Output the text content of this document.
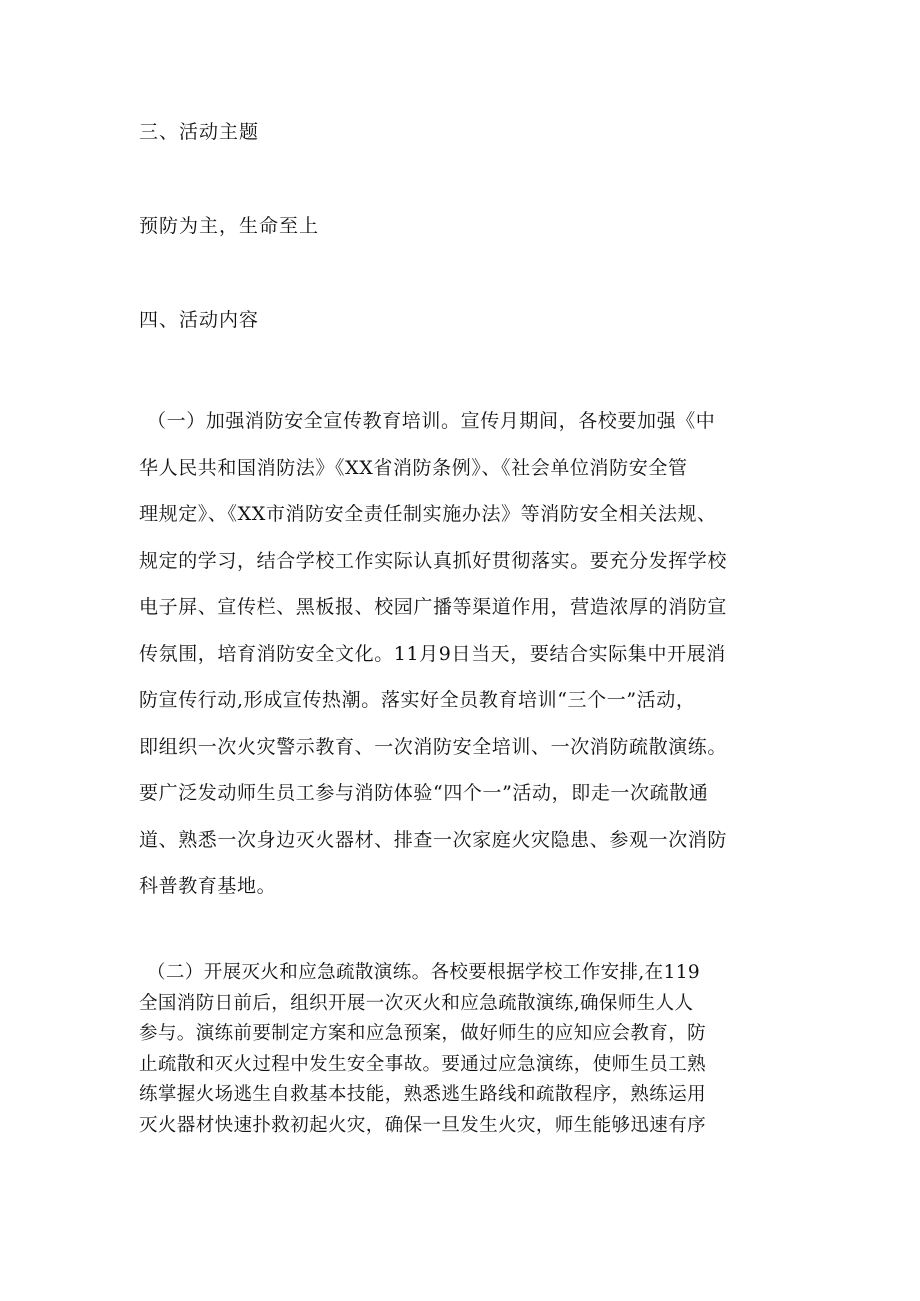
三、活动主题
预防为主，生命至上
四、活动内容
（一）加强消防安全宣传教育培训。宣传月期间，各校要加强《中
华人民共和国消防法》《XX省消防条例》、《社会单位消防安全管
理规定》、《XX市消防安全责任制实施办法》等消防安全相关法规、
规定的学习，结合学校工作实际认真抓好贯彻落实。要充分发挥学校
电子屏、宣传栏、黑板报、校园广播等渠道作用，营造浓厚的消防宣
传氛围，培育消防安全文化。11月9日当天，要结合实际集中开展消
防宣传行动,形成宣传热潮。落实好全员教育培训“三个一”活动，
即组织一次火灾警示教育、一次消防安全培训、一次消防疏散演练。
要广泛发动师生员工参与消防体验“四个一”活动，即走一次疏散通
道、熟悉一次身边灭火器材、排查一次家庭火灾隐患、参观一次消防
科普教育基地。
（二）开展灭火和应急疏散演练。各校要根据学校工作安排,在119
全国消防日前后，组织开展一次灭火和应急疏散演练,确保师生人人
参与。演练前要制定方案和应急预案，做好师生的应知应会教育，防
止疏散和灭火过程中发生安全事故。要通过应急演练，使师生员工熟
练掌握火场逃生自救基本技能，熟悉逃生路线和疏散程序，熟练运用
灭火器材快速扑救初起火灾，确保一旦发生火灾，师生能够迅速有序
